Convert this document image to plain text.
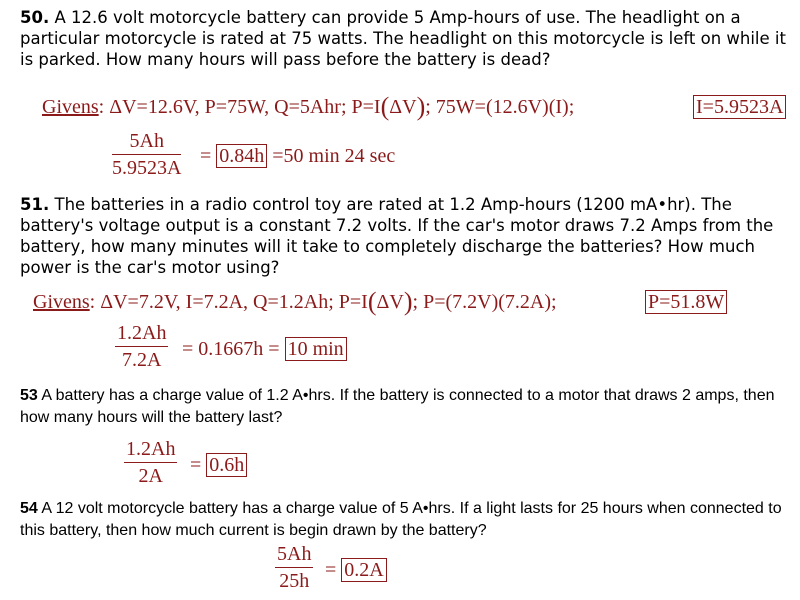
50. A 12.6 volt motorcycle battery can provide 5 Amp-hours of use. The headlight on a particular motorcycle is rated at 75 watts. The headlight on this motorcycle is left on while it is parked. How many hours will pass before the battery is dead?

Givens: ΔV=12.6V, P=75W, Q=5Ahr; P=I(ΔV); 75W=(12.6V)(I);	I=5.9523A
$\frac{5Ah}{5.9523A} = 0.84h =50$ min 24 sec

51. The batteries in a radio control toy are rated at 1.2 Amp-hours (1200 mA•hr). The battery's voltage output is a constant 7.2 volts. If the car's motor draws 7.2 Amps from the battery, how many minutes will it take to completely discharge the batteries? How much power is the car's motor using?

Givens: ΔV=7.2V, I=7.2A, Q=1.2Ah; P=I(ΔV); P=(7.2V)(7.2A);	P=51.8W
$\frac{1.2Ah}{7.2A} = 0.1667h = 10$ min

53 A battery has a charge value of 1.2 A•hrs. If the battery is connected to a motor that draws 2 amps, then how many hours will the battery last?

$\frac{1.2Ah}{2A} = 0.6h$

54 A 12 volt motorcycle battery has a charge value of 5 A•hrs. If a light lasts for 25 hours when connected to this battery, then how much current is begin drawn by the battery?

$\frac{5Ah}{25h} = 0.2A$
